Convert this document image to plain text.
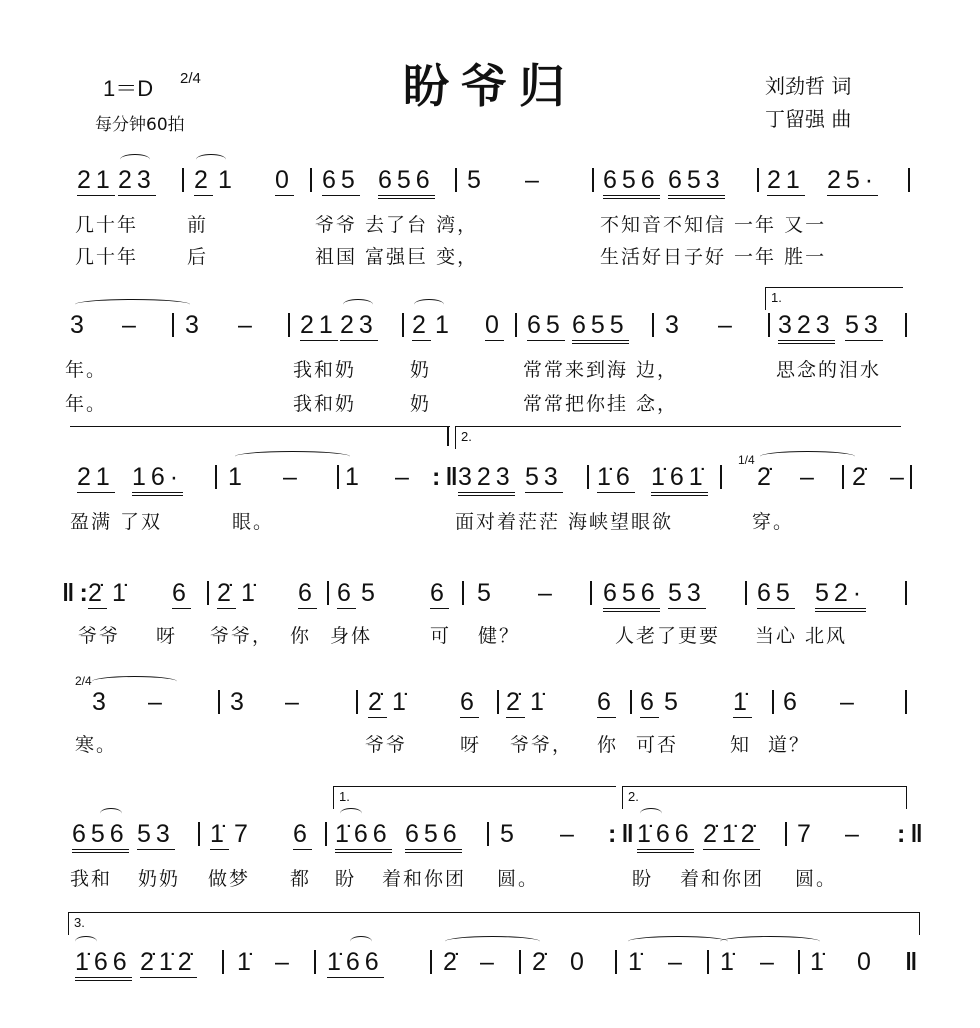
1＝D 2/4
每分钟60拍
盼爷归	刘劲哲 词
丁留强 曲
21 23 2 1 0 65 656 5 – 656 653 21 25·
几十年	前	爷爷 去了台 湾，	不知音不知信 一年 又一
几十年	后	祖国 富强巨 变，	生活好日子好 一年 胜一
1.
3 – 3 – 21 23 2 1 0 65 655 3 – 323 53
年。	我和奶	奶	常常来到海 边，	思念的泪水
年。	我和奶	奶	常常把你挂 念，
2.
21 16· 1 – 1 – :‖
323 53 1̇6 1̇61̇
1/4
2̇ – 2̇ –
盈满 了双	眼。	面对着茫茫 海峡望眼欲	穿。
‖:
2̇ 1̇ 6 2̇ 1̇ 6 6 5 6 5 – 656 53 65 52·
爷爷 呀 爷爷， 你 身体	可 健？	人老了更要 当心 北风
2/4
3 –	3 –	2̇ 1̇ 6 2̇ 1̇ 6 6 5 1̇ 6 –
寒。	爷爷	呀 爷爷， 你 可否	知 道？
1.	2.
656 53 1̇ 7 6 1̇66 656 5 – :‖
1̇66 2̇1̇2̇ 7 – :‖
我和 奶奶 做梦 都 盼 着和你团 圆。	盼 着和你团 圆。
3.
1̇66 2̇1̇2̇ 1̇ – 1̇66 2̇ – 2̇ 0 1̇ – 1̇ – 1̇ 0 ‖
